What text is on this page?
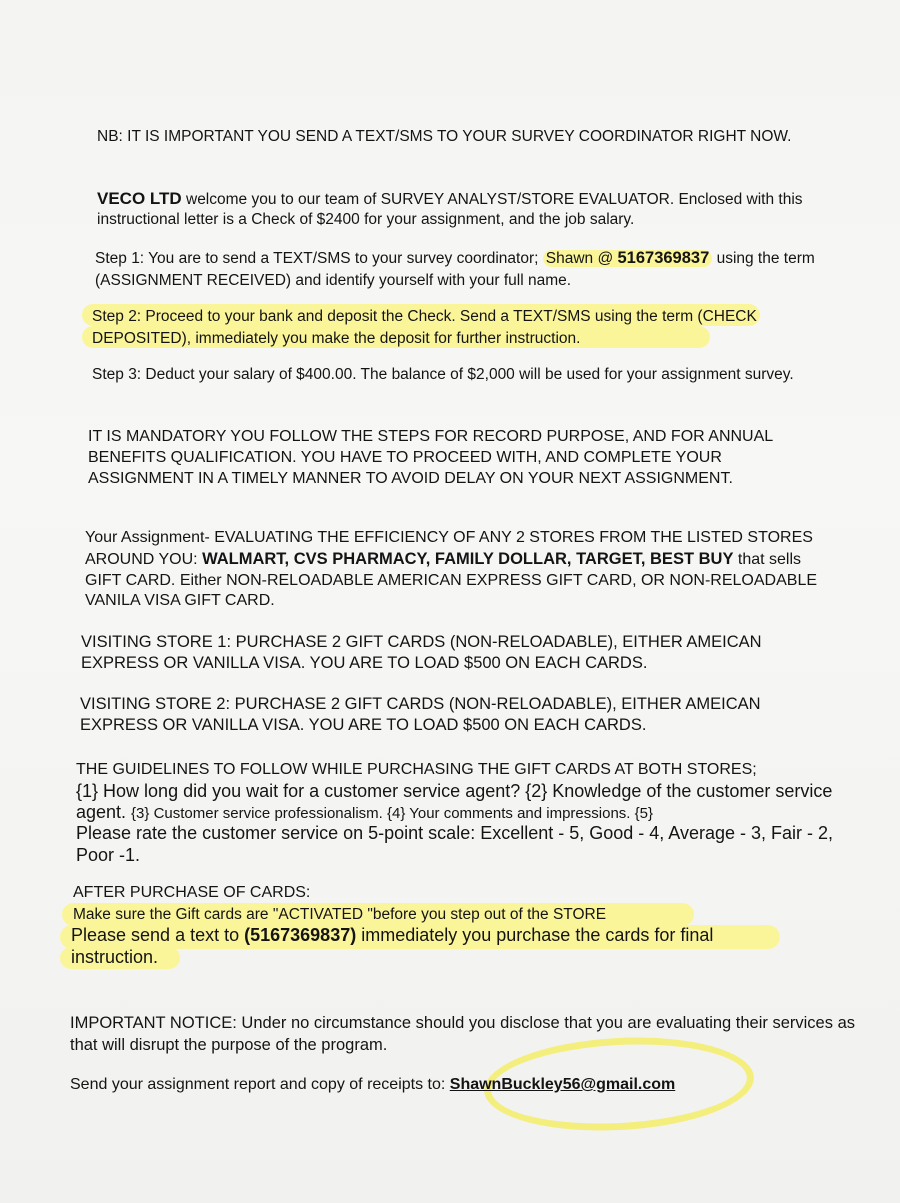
NB: IT IS IMPORTANT YOU SEND A TEXT/SMS TO YOUR SURVEY COORDINATOR RIGHT NOW.

VECO LTD welcome you to our team of SURVEY ANALYST/STORE EVALUATOR. Enclosed with this instructional letter is a Check of $2400 for your assignment, and the job salary.

Step 1: You are to send a TEXT/SMS to your survey coordinator; Shawn @ 5167369837 using the term (ASSIGNMENT RECEIVED) and identify yourself with your full name.

Step 2: Proceed to your bank and deposit the Check. Send a TEXT/SMS using the term (CHECK DEPOSITED), immediately you make the deposit for further instruction.

Step 3: Deduct your salary of $400.00. The balance of $2,000 will be used for your assignment survey.

IT IS MANDATORY YOU FOLLOW THE STEPS FOR RECORD PURPOSE, AND FOR ANNUAL BENEFITS QUALIFICATION. YOU HAVE TO PROCEED WITH, AND COMPLETE YOUR ASSIGNMENT IN A TIMELY MANNER TO AVOID DELAY ON YOUR NEXT ASSIGNMENT.

Your Assignment- EVALUATING THE EFFICIENCY OF ANY 2 STORES FROM THE LISTED STORES AROUND YOU: WALMART, CVS PHARMACY, FAMILY DOLLAR, TARGET, BEST BUY that sells GIFT CARD. Either NON-RELOADABLE AMERICAN EXPRESS GIFT CARD, OR NON-RELOADABLE VANILA VISA GIFT CARD.

VISITING STORE 1: PURCHASE 2 GIFT CARDS (NON-RELOADABLE), EITHER AMEICAN EXPRESS OR VANILLA VISA. YOU ARE TO LOAD $500 ON EACH CARDS.

VISITING STORE 2: PURCHASE 2 GIFT CARDS (NON-RELOADABLE), EITHER AMEICAN EXPRESS OR VANILLA VISA. YOU ARE TO LOAD $500 ON EACH CARDS.

THE GUIDELINES TO FOLLOW WHILE PURCHASING THE GIFT CARDS AT BOTH STORES;

{1} How long did you wait for a customer service agent? {2} Knowledge of the customer service agent. {3} Customer service professionalism. {4} Your comments and impressions. {5}

Please rate the customer service on 5-point scale: Excellent - 5, Good - 4, Average - 3, Fair - 2, Poor -1.

AFTER PURCHASE OF CARDS:

Make sure the Gift cards are "ACTIVATED "before you step out of the STORE

Please send a text to (5167369837) immediately you purchase the cards for final instruction.

IMPORTANT NOTICE: Under no circumstance should you disclose that you are evaluating their services as that will disrupt the purpose of the program.

Send your assignment report and copy of receipts to: ShawnBuckley56@gmail.com
